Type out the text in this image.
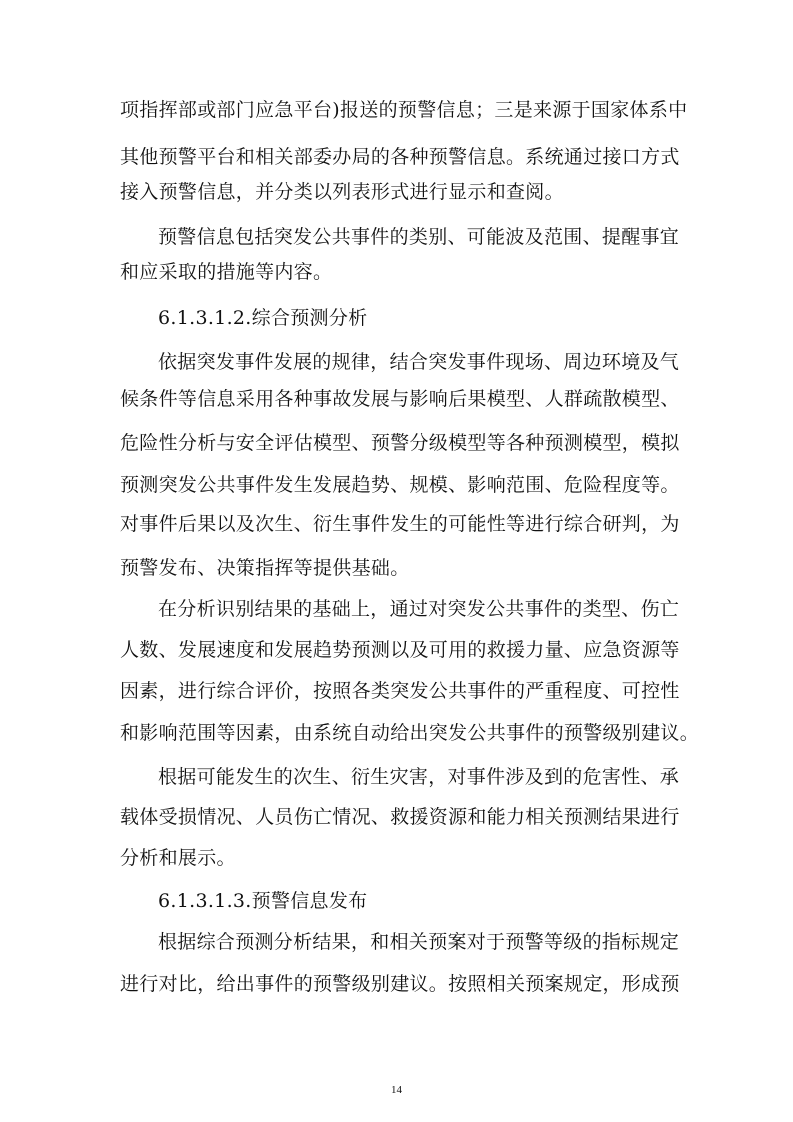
项指挥部或部门应急平台)报送的预警信息；三是来源于国家体系中
其他预警平台和相关部委办局的各种预警信息。系统通过接口方式
接入预警信息，并分类以列表形式进行显示和查阅。
预警信息包括突发公共事件的类别、可能波及范围、提醒事宜
和应采取的措施等内容。
6.1.3.1.2.综合预测分析
依据突发事件发展的规律，结合突发事件现场、周边环境及气
候条件等信息采用各种事故发展与影响后果模型、人群疏散模型、
危险性分析与安全评估模型、预警分级模型等各种预测模型，模拟
预测突发公共事件发生发展趋势、规模、影响范围、危险程度等。
对事件后果以及次生、衍生事件发生的可能性等进行综合研判，为
预警发布、决策指挥等提供基础。
在分析识别结果的基础上，通过对突发公共事件的类型、伤亡
人数、发展速度和发展趋势预测以及可用的救援力量、应急资源等
因素，进行综合评价，按照各类突发公共事件的严重程度、可控性
和影响范围等因素，由系统自动给出突发公共事件的预警级别建议。
根据可能发生的次生、衍生灾害，对事件涉及到的危害性、承
载体受损情况、人员伤亡情况、救援资源和能力相关预测结果进行
分析和展示。
6.1.3.1.3.预警信息发布
根据综合预测分析结果，和相关预案对于预警等级的指标规定
进行对比，给出事件的预警级别建议。按照相关预案规定，形成预
14
